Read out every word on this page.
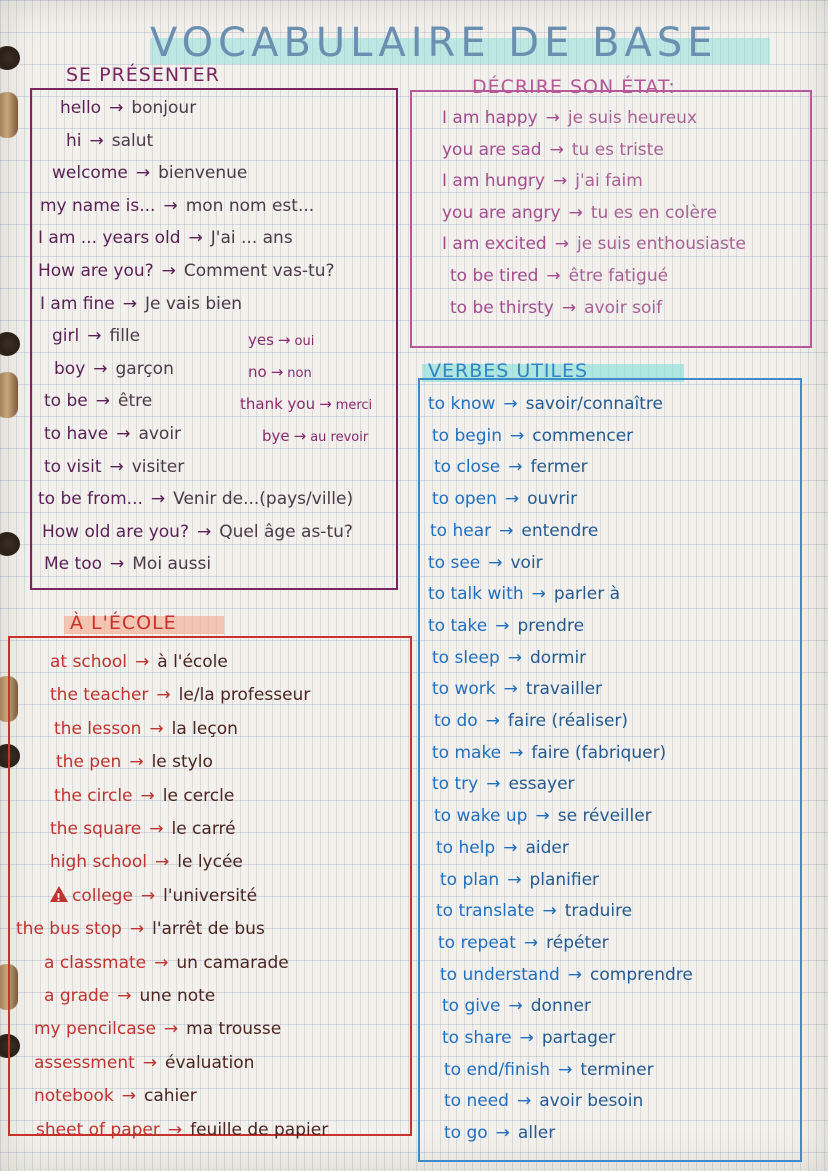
VOCABULAIRE DE BASE
SE PRÉSENTER
hello → bonjour
hi → salut
welcome → bienvenue
my name is... → mon nom est...
I am ... years old → J'ai ... ans
How are you? → Comment vas-tu?
I am fine → Je vais bien
girl → fille
boy → garçon
to be → être
to have → avoir
to visit → visiter
to be from... → Venir de...(pays/ville)
How old are you? → Quel âge as-tu?
Me too → Moi aussi
yes → oui
no → non
thank you → merci
bye → au revoir
DÉCRIRE SON ÉTAT:
I am happy → je suis heureux
you are sad → tu es triste
I am hungry → j'ai faim
you are angry → tu es en colère
I am excited → je suis enthousiaste
to be tired → être fatigué
to be thirsty → avoir soif
À L'ÉCOLE
at school → à l'école
the teacher → le/la professeur
the lesson → la leçon
the pen → le stylo
the circle → le cercle
the square → le carré
high school → le lycée
! college → l'université
the bus stop → l'arrêt de bus
a classmate → un camarade
a grade → une note
my pencilcase → ma trousse
assessment → évaluation
notebook → cahier
sheet of paper → feuille de papier
VERBES UTILES
to know → savoir/connaître
to begin → commencer
to close → fermer
to open → ouvrir
to hear → entendre
to see → voir
to talk with → parler à
to take → prendre
to sleep → dormir
to work → travailler
to do → faire (réaliser)
to make → faire (fabriquer)
to try → essayer
to wake up → se réveiller
to help → aider
to plan → planifier
to translate → traduire
to repeat → répéter
to understand → comprendre
to give → donner
to share → partager
to end/finish → terminer
to need → avoir besoin
to go → aller
